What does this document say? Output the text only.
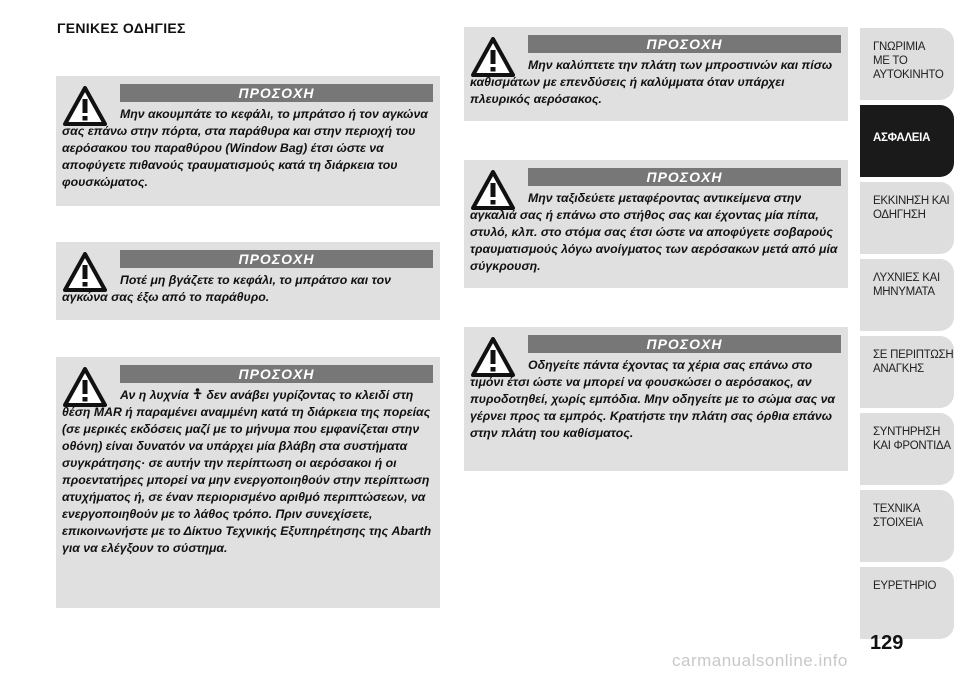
ΓΕΝΙΚΕΣ ΟΔΗΓΙΕΣ
ΠΡΟΣΟΧΗ
Μην ακουμπάτε το κεφάλι, το μπράτσο ή τον αγκώνα σας επάνω στην πόρτα, στα παράθυρα και στην περιοχή του αερόσακου του παραθύρου (Window Bag) έτσι ώστε να αποφύγετε πιθανούς τραυματισμούς κατά τη διάρκεια του φουσκώματος.
ΠΡΟΣΟΧΗ
Ποτέ μη βγάζετε το κεφάλι, το μπράτσο και τον αγκώνα σας έξω από το παράθυρο.
ΠΡΟΣΟΧΗ
Αν η λυχνία δεν ανάβει γυρίζοντας το κλειδί στη θέση MAR ή παραμένει αναμμένη κατά τη διάρκεια της πορείας (σε μερικές εκδόσεις μαζί με το μήνυμα που εμφανίζεται στην οθόνη) είναι δυνατόν να υπάρχει μία βλάβη στα συστήματα συγκράτησης· σε αυτήν την περίπτωση οι αερόσακοι ή οι προεντατήρες μπορεί να μην ενεργοποιηθούν στην περίπτωση ατυχήματος ή, σε έναν περιορισμένο αριθμό περιπτώσεων, να ενεργοποιηθούν με το λάθος τρόπο. Πριν συνεχίσετε, επικοινωνήστε με το Δίκτυο Τεχνικής Εξυπηρέτησης της Abarth για να ελέγξουν το σύστημα.
ΠΡΟΣΟΧΗ
Μην καλύπτετε την πλάτη των μπροστινών και πίσω καθισμάτων με επενδύσεις ή καλύμματα όταν υπάρχει πλευρικός αερόσακος.
ΠΡΟΣΟΧΗ
Μην ταξιδεύετε μεταφέροντας αντικείμενα στην αγκαλιά σας ή επάνω στο στήθος σας και έχοντας μία πίπα, στυλό, κλπ. στο στόμα σας έτσι ώστε να αποφύγετε σοβαρούς τραυματισμούς λόγω ανοίγματος των αερόσακων μετά από μία σύγκρουση.
ΠΡΟΣΟΧΗ
Οδηγείτε πάντα έχοντας τα χέρια σας επάνω στο τιμόνι έτσι ώστε να μπορεί να φουσκώσει ο αερόσακος, αν πυροδοτηθεί, χωρίς εμπόδια. Μην οδηγείτε με το σώμα σας να γέρνει προς τα εμπρός. Κρατήστε την πλάτη σας όρθια επάνω στην πλάτη του καθίσματος.
ΓΝΩΡΙΜΙΑ
ΜΕ ΤΟ
ΑΥΤΟΚΙΝΗΤΟ
ΑΣΦΑΛΕΙΑ
ΕΚΚΙΝΗΣΗ ΚΑΙ
ΟΔΗΓΗΣΗ
ΛΥΧΝΙΕΣ ΚΑΙ
ΜΗΝΥΜΑΤΑ
ΣΕ ΠΕΡΙΠΤΩΣΗ
ΑΝΑΓΚΗΣ
ΣΥΝΤΗΡΗΣΗ
ΚΑΙ ΦΡΟΝΤΙΔΑ
ΤΕΧΝΙΚΑ
ΣΤΟΙΧΕΙΑ
ΕΥΡΕΤΗΡΙΟ
129
carmanualsonline.info
